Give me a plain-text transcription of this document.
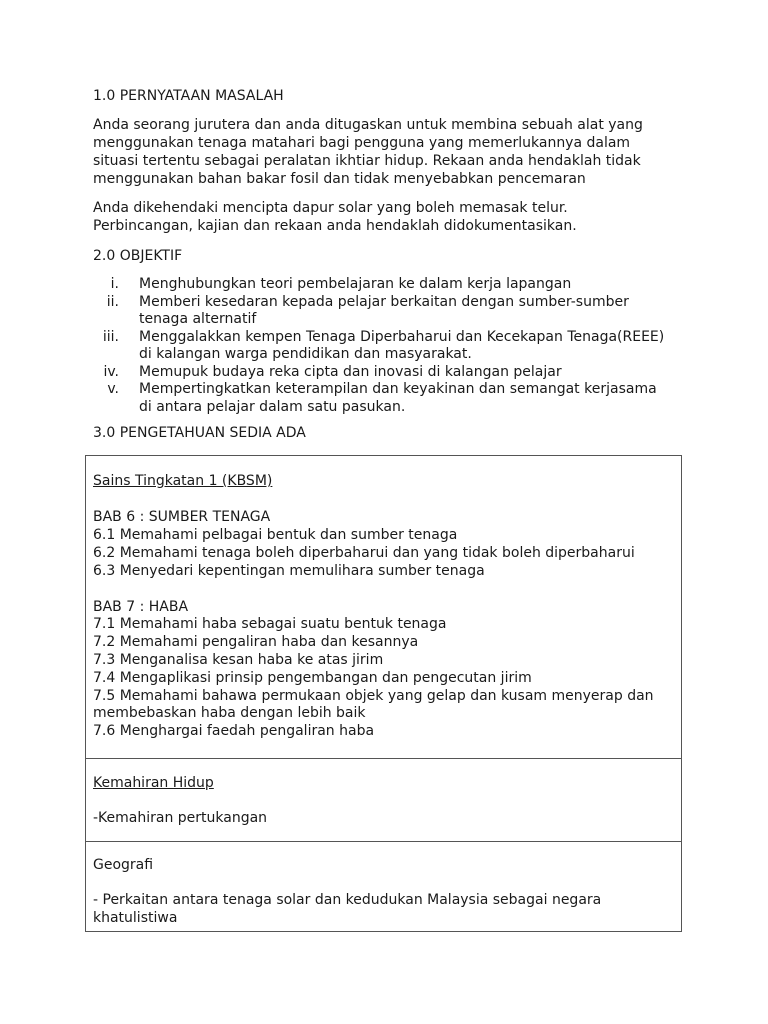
1.0 PERNYATAAN MASALAH
Anda seorang jurutera dan anda ditugaskan untuk membina sebuah alat yang
menggunakan tenaga matahari bagi pengguna yang memerlukannya dalam
situasi tertentu sebagai peralatan ikhtiar hidup. Rekaan anda hendaklah tidak
menggunakan bahan bakar fosil dan tidak menyebabkan pencemaran
Anda dikehendaki mencipta dapur solar yang boleh memasak telur.
Perbincangan, kajian dan rekaan anda hendaklah didokumentasikan.
2.0 OBJEKTIF
i. Menghubungkan teori pembelajaran ke dalam kerja lapangan
ii. Memberi kesedaran kepada pelajar berkaitan dengan sumber-sumber
tenaga alternatif
iii. Menggalakkan kempen Tenaga Diperbaharui dan Kecekapan Tenaga(REEE)
di kalangan warga pendidikan dan masyarakat.
iv. Memupuk budaya reka cipta dan inovasi di kalangan pelajar
v. Mempertingkatkan keterampilan dan keyakinan dan semangat kerjasama
di antara pelajar dalam satu pasukan.
3.0 PENGETAHUAN SEDIA ADA
Sains Tingkatan 1 (KBSM)
BAB 6 : SUMBER TENAGA
6.1 Memahami pelbagai bentuk dan sumber tenaga
6.2 Memahami tenaga boleh diperbaharui dan yang tidak boleh diperbaharui
6.3 Menyedari kepentingan memulihara sumber tenaga
BAB 7 : HABA
7.1 Memahami haba sebagai suatu bentuk tenaga
7.2 Memahami pengaliran haba dan kesannya
7.3 Menganalisa kesan haba ke atas jirim
7.4 Mengaplikasi prinsip pengembangan dan pengecutan jirim
7.5 Memahami bahawa permukaan objek yang gelap dan kusam menyerap dan
membebaskan haba dengan lebih baik
7.6 Menghargai faedah pengaliran haba
Kemahiran Hidup
-Kemahiran pertukangan
Geografi
- Perkaitan antara tenaga solar dan kedudukan Malaysia sebagai negara
khatulistiwa
